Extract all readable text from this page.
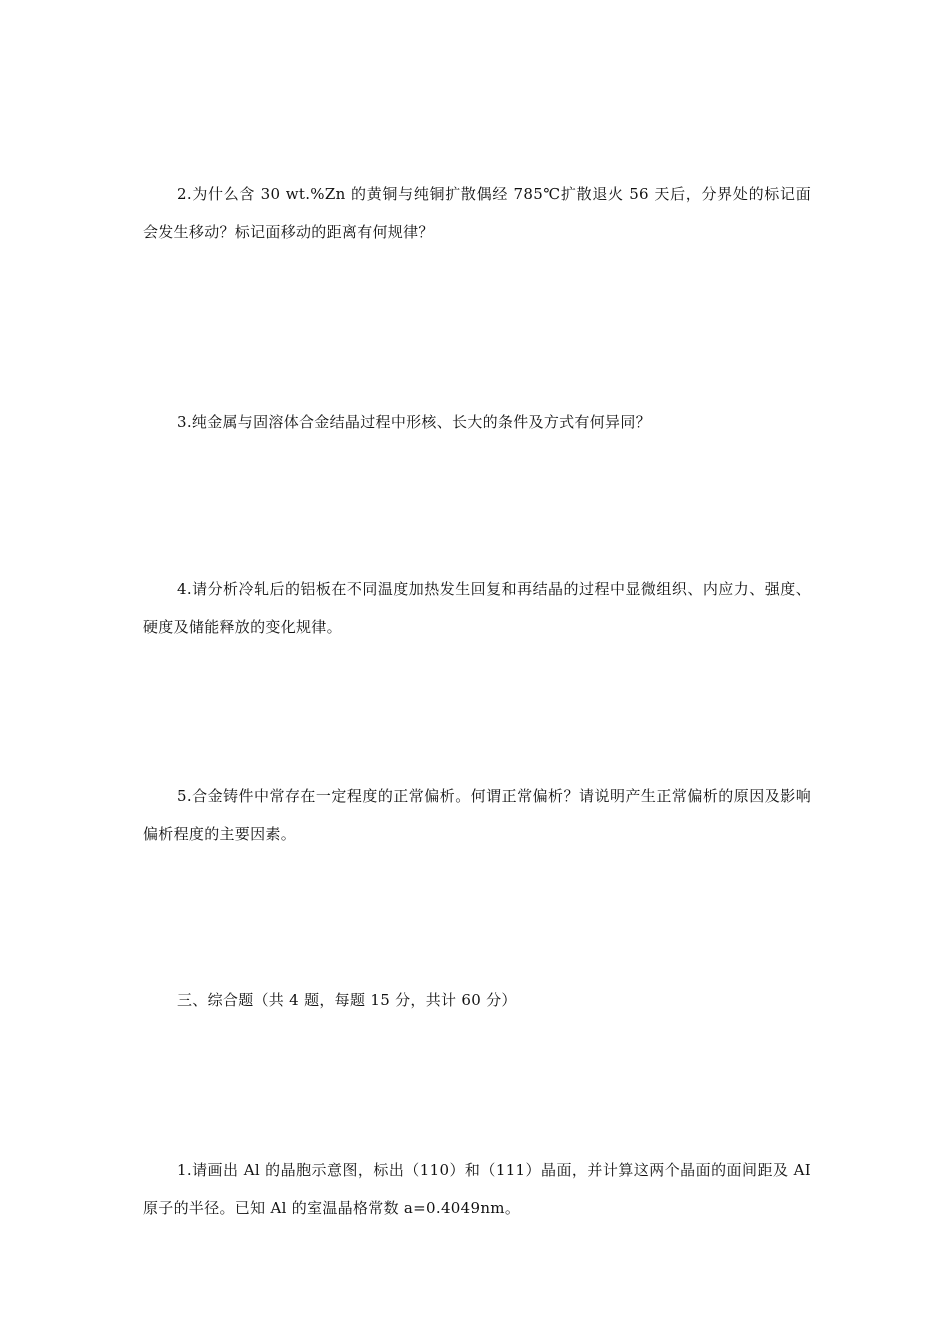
2.为什么含 30 wt.%Zn 的黄铜与纯铜扩散偶经 785℃扩散退火 56 天后，分界处的标记面会发生移动？标记面移动的距离有何规律？

3.纯金属与固溶体合金结晶过程中形核、长大的条件及方式有何异同？

4.请分析冷轧后的铝板在不同温度加热发生回复和再结晶的过程中显微组织、内应力、强度、硬度及储能释放的变化规律。

5.合金铸件中常存在一定程度的正常偏析。何谓正常偏析？请说明产生正常偏析的原因及影响偏析程度的主要因素。

三、综合题（共 4 题，每题 15 分，共计 60 分）

1.请画出 Al 的晶胞示意图，标出（110）和（111）晶面，并计算这两个晶面的面间距及 AI 原子的半径。已知 Al 的室温晶格常数 a=0.4049nm。
